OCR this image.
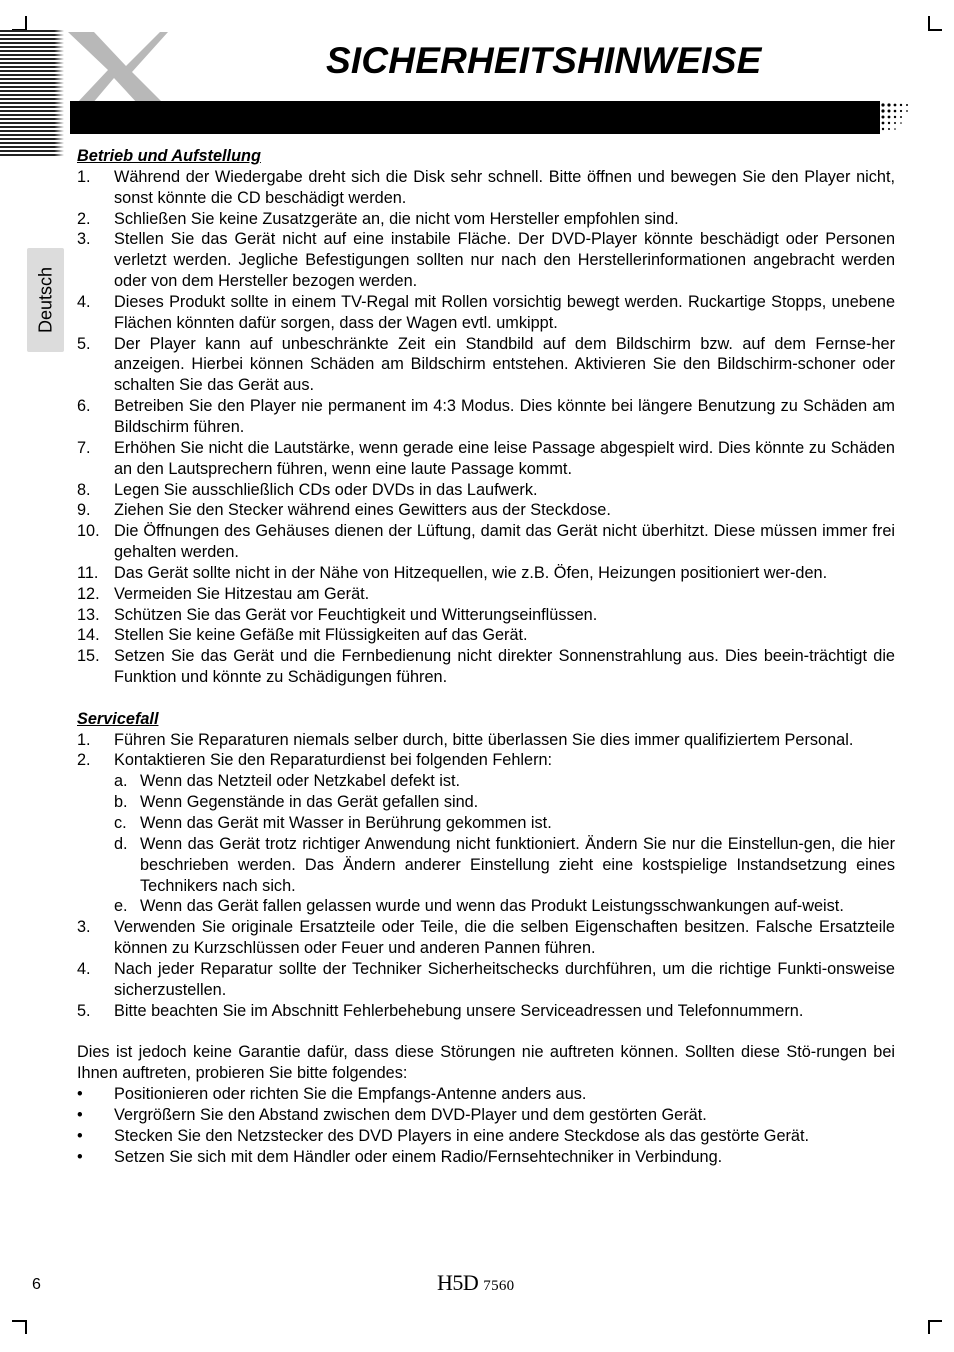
SICHERHEITSHINWEISE
Deutsch
Betrieb und Aufstellung
1. Während der Wiedergabe dreht sich die Disk sehr schnell. Bitte öffnen und bewegen Sie den Player nicht, sonst könnte die CD beschädigt werden.
2. Schließen Sie keine Zusatzgeräte an, die nicht vom Hersteller empfohlen sind.
3. Stellen Sie das Gerät nicht auf eine instabile Fläche. Der DVD-Player könnte beschädigt oder Personen verletzt werden. Jegliche Befestigungen sollten nur nach den Herstellerinformationen angebracht werden oder von dem Hersteller bezogen werden.
4. Dieses Produkt sollte in einem TV-Regal mit Rollen vorsichtig bewegt werden. Ruckartige Stopps, unebene Flächen könnten dafür sorgen, dass der Wagen evtl. umkippt.
5. Der Player kann auf unbeschränkte Zeit ein Standbild auf dem Bildschirm bzw. auf dem Fernse-her anzeigen. Hierbei können Schäden am Bildschirm entstehen. Aktivieren Sie den Bildschirm-schoner oder schalten Sie das Gerät aus.
6. Betreiben Sie den Player nie permanent im 4:3 Modus. Dies könnte bei längere Benutzung zu Schäden am Bildschirm führen.
7. Erhöhen Sie nicht die Lautstärke, wenn gerade eine leise Passage abgespielt wird. Dies könnte zu Schäden an den Lautsprechern führen, wenn eine laute Passage kommt.
8. Legen Sie ausschließlich CDs oder DVDs in das Laufwerk.
9. Ziehen Sie den Stecker während eines Gewitters aus der Steckdose.
10. Die Öffnungen des Gehäuses dienen der Lüftung, damit das Gerät nicht überhitzt. Diese müssen immer frei gehalten werden.
11. Das Gerät sollte nicht in der Nähe von Hitzequellen, wie z.B. Öfen, Heizungen positioniert wer-den.
12. Vermeiden Sie Hitzestau am Gerät.
13. Schützen Sie das Gerät vor Feuchtigkeit und Witterungseinflüssen.
14. Stellen Sie keine Gefäße mit Flüssigkeiten auf das Gerät.
15. Setzen Sie das Gerät und die Fernbedienung nicht direkter Sonnenstrahlung aus. Dies beein-trächtigt die Funktion und könnte zu Schädigungen führen.
Servicefall
1. Führen Sie Reparaturen niemals selber durch, bitte überlassen Sie dies immer qualifiziertem Personal.
2. Kontaktieren Sie den Reparaturdienst bei folgenden Fehlern:
a. Wenn das Netzteil oder Netzkabel defekt ist.
b. Wenn Gegenstände in das Gerät gefallen sind.
c. Wenn das Gerät mit Wasser in Berührung gekommen ist.
d. Wenn das Gerät trotz richtiger Anwendung nicht funktioniert. Ändern Sie nur die Einstellun-gen, die hier beschrieben werden. Das Ändern anderer Einstellung zieht eine kostspielige Instandsetzung eines Technikers nach sich.
e. Wenn das Gerät fallen gelassen wurde und wenn das Produkt Leistungsschwankungen auf-weist.
3. Verwenden Sie originale Ersatzteile oder Teile, die die selben Eigenschaften besitzen. Falsche Ersatzteile können zu Kurzschlüssen oder Feuer und anderen Pannen führen.
4. Nach jeder Reparatur sollte der Techniker Sicherheitschecks durchführen, um die richtige Funkti-onsweise sicherzustellen.
5. Bitte beachten Sie im Abschnitt Fehlerbehebung unsere Serviceadressen und Telefonnummern.
Dies ist jedoch keine Garantie dafür, dass diese Störungen nie auftreten können. Sollten diese Stö-rungen bei Ihnen auftreten, probieren Sie bitte folgendes:
• Positionieren oder richten Sie die Empfangs-Antenne anders aus.
• Vergrößern Sie den Abstand zwischen dem DVD-Player und dem gestörten Gerät.
• Stecken Sie den Netzstecker des DVD Players in eine andere Steckdose als das gestörte Gerät.
• Setzen Sie sich mit dem Händler oder einem Radio/Fernsehtechniker in Verbindung.
6	H5D 7560
